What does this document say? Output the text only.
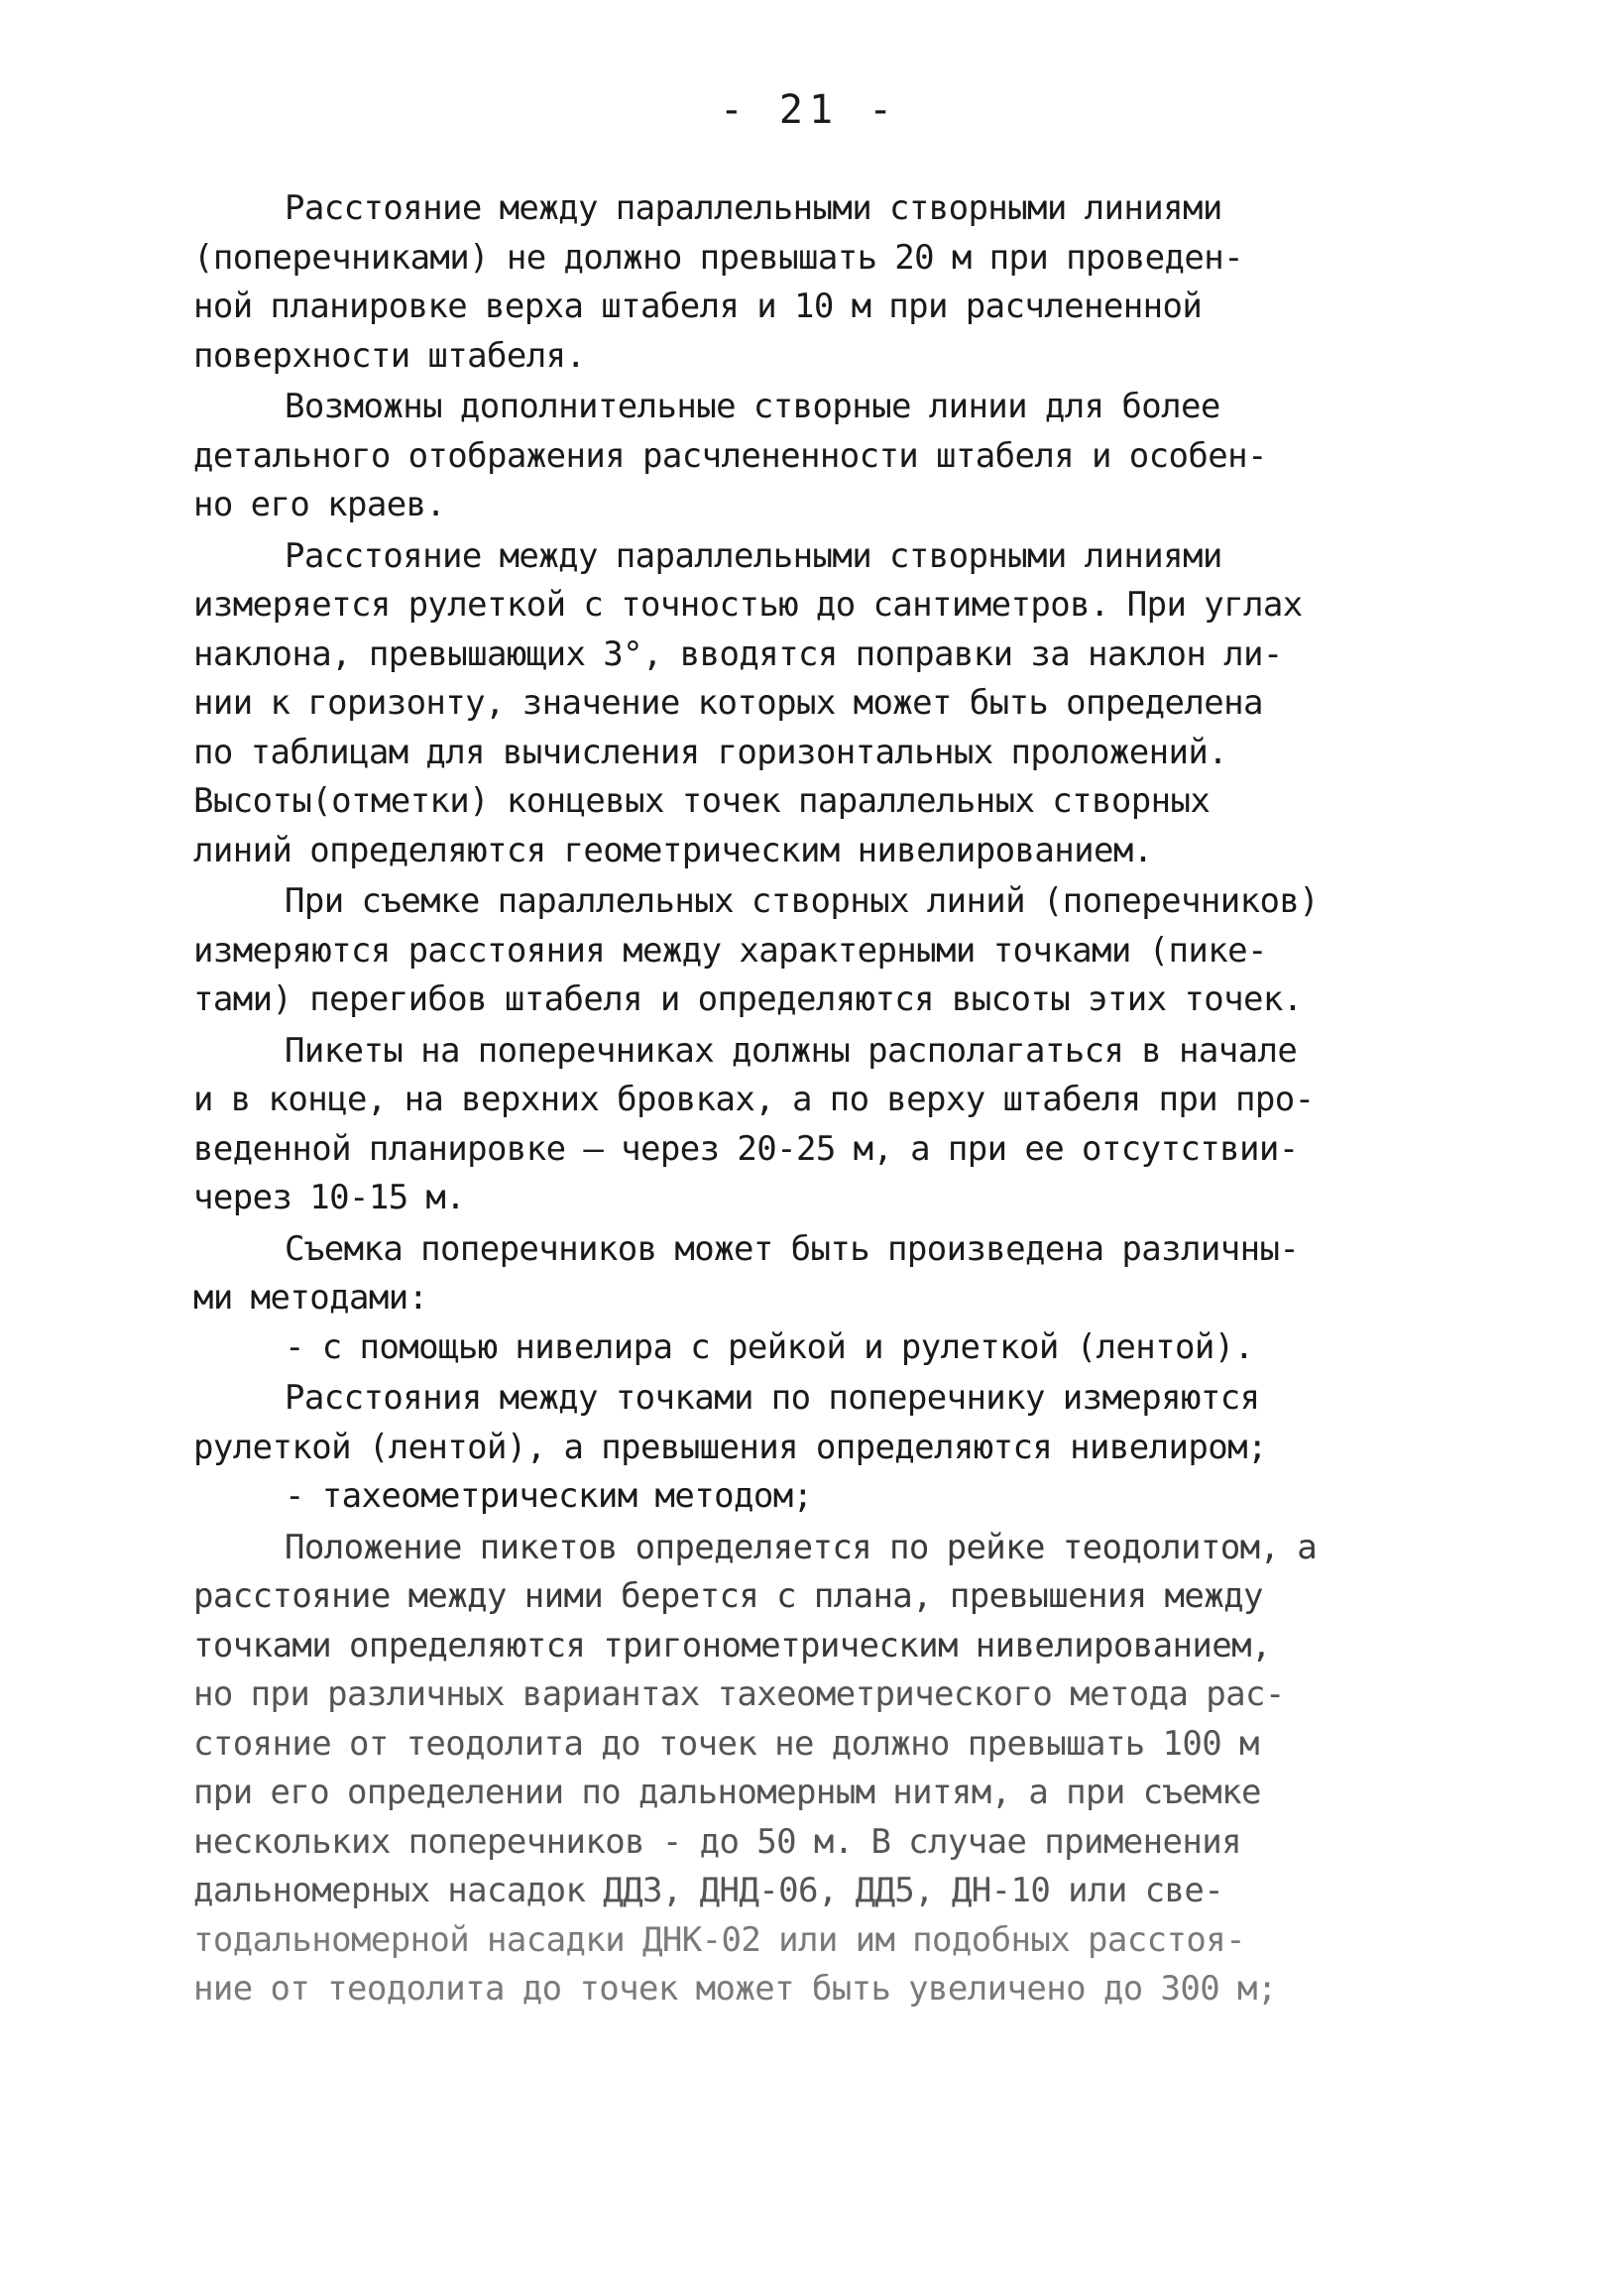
- 21 -
Расстояние между параллельными створными линиями
(поперечниками) не должно превышать 20 м при проведен-
ной планировке верха штабеля и 10 м при расчлененной
поверхности штабеля.
Возможны дополнительные створные линии для более
детального отображения расчлененности штабеля и особен-
но его краев.
Расстояние между параллельными створными линиями
измеряется рулеткой с точностью до сантиметров. При углах
наклона, превышающих 3°, вводятся поправки за наклон ли-
нии к горизонту, значение которых может быть определена
по таблицам для вычисления горизонтальных проложений.
Высоты(отметки) концевых точек параллельных створных
линий определяются геометрическим нивелированием.
При съемке параллельных створных линий (поперечников)
измеряются расстояния между характерными точками (пике-
тами) перегибов штабеля и определяются высоты этих точек.
Пикеты на поперечниках должны располагаться в начале
и в конце, на верхних бровках, а по верху штабеля при про-
веденной планировке — через 20-25 м, а при ее отсутствии-
через 10-15 м.
Съемка поперечников может быть произведена различны-
ми методами:
- с помощью нивелира с рейкой и рулеткой (лентой).
Расстояния между точками по поперечнику измеряются
рулеткой (лентой), а превышения определяются нивелиром;
- тахеометрическим методом;
Положение пикетов определяется по рейке теодолитом, а
расстояние между ними берется с плана, превышения между
точками определяются тригонометрическим нивелированием,
но при различных вариантах тахеометрического метода рас-
стояние от теодолита до точек не должно превышать 100 м
при его определении по дальномерным нитям, а при съемке
нескольких поперечников - до 50 м. В случае применения
дальномерных насадок ДДЗ, ДНД-06, ДД5, ДН-10 или све-
тодальномерной насадки ДНК-02 или им подобных расстоя-
ние от теодолита до точек может быть увеличено до 300 м;
